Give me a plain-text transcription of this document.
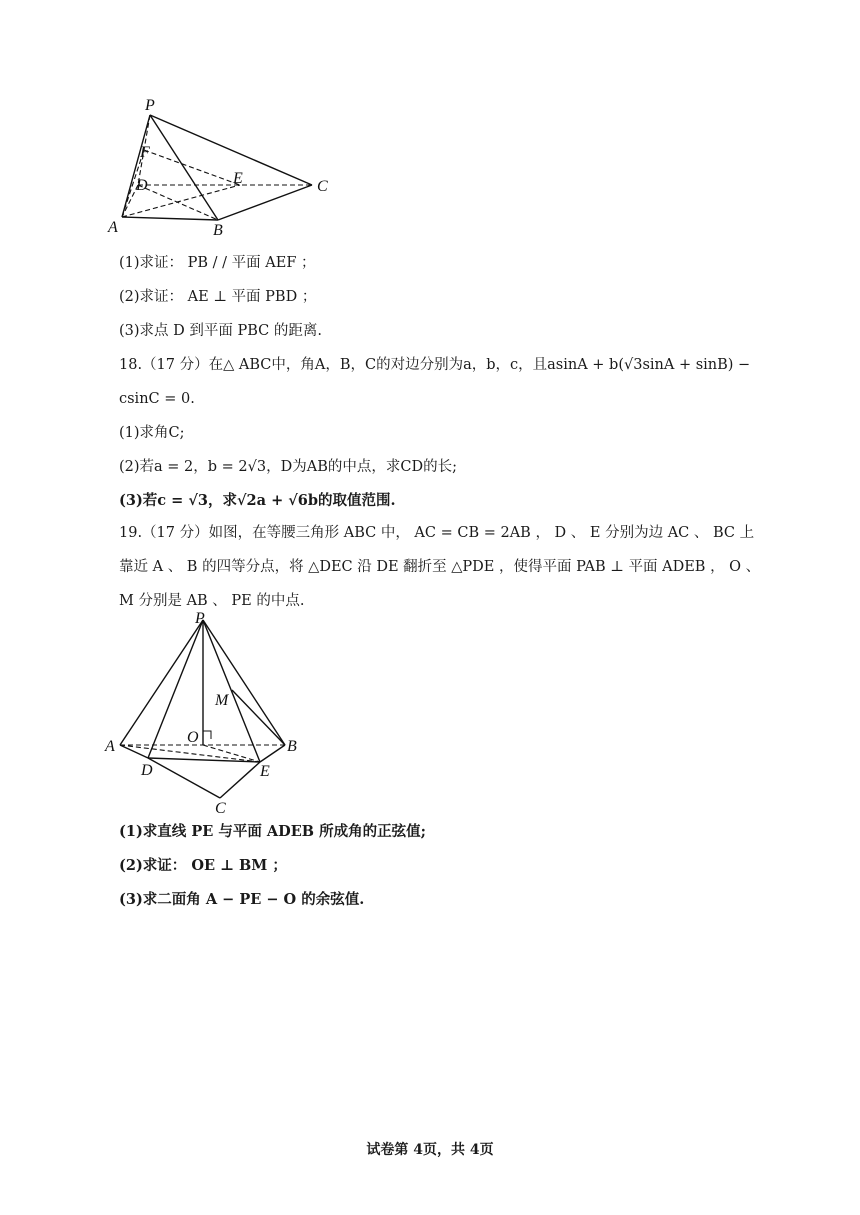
P
F
D	E	C
A	B
(1)求证： PB / / 平面 AEF ；
(2)求证： AE ⊥ 平面 PBD ；
(3)求点 D 到平面 PBC 的距离.
18.（17 分）在△ ABC中，角A，B，C的对边分别为a，b，c，且asinA + b(√3sinA + sinB) −
csinC = 0.
(1)求角C;
(2)若a = 2，b = 2√3，D为AB的中点，求CD的长;
(3)若c = √3，求√2a + √6b的取值范围.
19.（17 分）如图，在等腰三角形 ABC 中， AC = CB = 2AB ， D 、 E 分别为边 AC 、 BC 上
靠近 A 、 B 的四等分点，将 △DEC 沿 DE 翻折至 △PDE ，使得平面 PAB ⊥ 平面 ADEB ， O 、
M 分别是 AB 、 PE 的中点.
P
M
O
A	B
D	E
C
(1)求直线 PE 与平面 ADEB 所成角的正弦值;
(2)求证： OE ⊥ BM ；
(3)求二面角 A − PE − O 的余弦值.
试卷第 4页，共 4页
